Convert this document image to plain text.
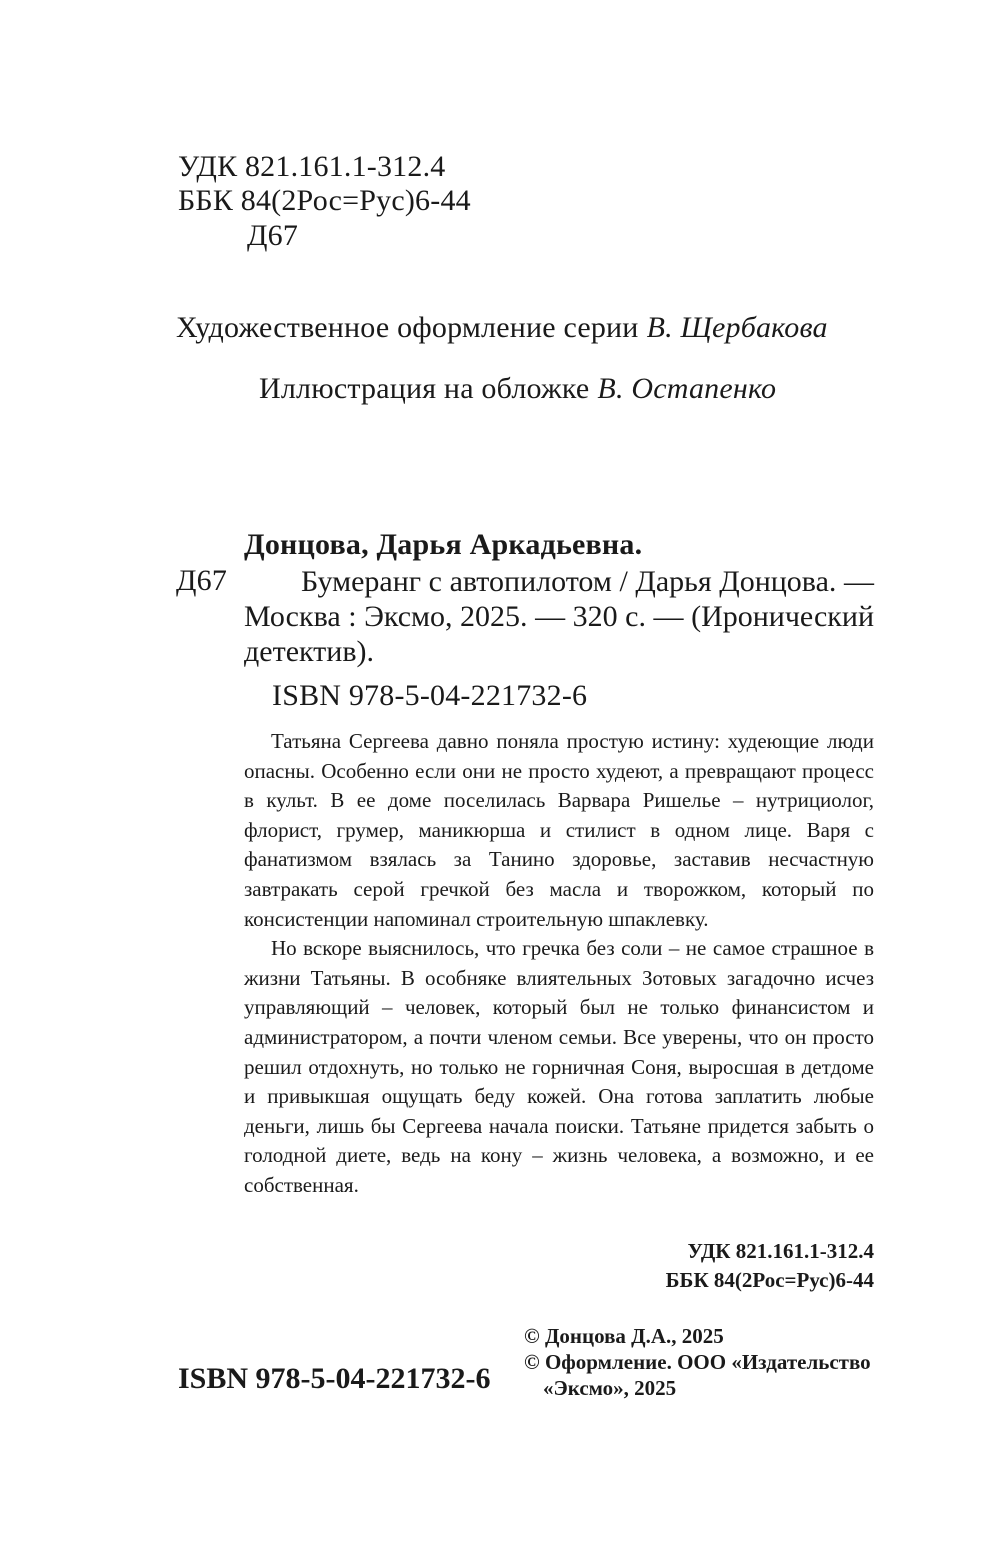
УДК 821.161.1-312.4
ББК 84(2Рос=Рус)6-44
Д67
Художественное оформление серии В. Щербакова
Иллюстрация на обложке В. Остапенко
Донцова, Дарья Аркадьевна.
Д67	Бумеранг с автопилотом / Дарья Донцова. — Москва : Эксмо, 2025. — 320 с. — (Иронический детектив).

ISBN 978-5-04-221732-6

Татьяна Сергеева давно поняла простую истину: худеющие люди опасны. Особенно если они не просто худеют, а превращают процесс в культ. В ее доме поселилась Варвара Ришелье – нутрициолог, флорист, грумер, маникюрша и стилист в одном лице. Варя с фанатизмом взялась за Танино здоровье, заставив несчастную завтракать серой гречкой без масла и творожком, который по консистенции напоминал строительную шпаклевку.

Но вскоре выяснилось, что гречка без соли – не самое страшное в жизни Татьяны. В особняке влиятельных Зотовых загадочно исчез управляющий – человек, который был не только финансистом и администратором, а почти членом семьи. Все уверены, что он просто решил отдохнуть, но только не горничная Соня, выросшая в детдоме и привыкшая ощущать беду кожей. Она готова заплатить любые деньги, лишь бы Сергеева начала поиски. Татьяне придется забыть о голодной диете, ведь на кону – жизнь человека, а возможно, и ее собственная.

УДК 821.161.1-312.4
ББК 84(2Рос=Рус)6-44
© Донцова Д.А., 2025
© Оформление. ООО «Издательство
«Эксмо», 2025
ISBN 978-5-04-221732-6
